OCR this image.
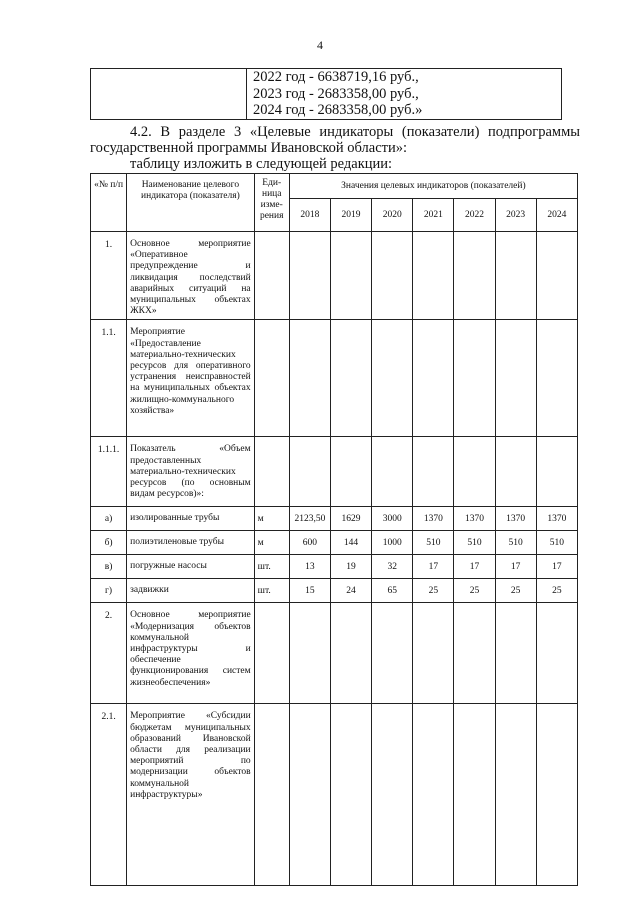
4

2022 год - 6638719,16 руб.,
2023 год - 2683358,00 руб.,
2024 год - 2683358,00 руб.»
4.2. В разделе 3 «Целевые индикаторы (показатели) подпрограммы государственной программы Ивановской области»:
таблицу изложить в следующей редакции:
«№ п/п	Наименование целевого индикатора (показателя)	Еди-ница изме-рения	Значения целевых индикаторов (показателей)						
			2018	2019	2020	2021	2022	2023	2024
1.	Основное мероприятие «Оперативное предупреждение и ликвидация последствий аварийных ситуаций на муниципальных объектах ЖКХ»								
1.1.	Мероприятие «Предоставление материально-технических ресурсов для оперативного устранения неисправностей на муниципальных объектах жилищно-коммунального хозяйства»								
1.1.1.	Показатель «Объем предоставленных материально-технических ресурсов (по основным видам ресурсов)»:								
а)	изолированные трубы	м	2123,50	1629	3000	1370	1370	1370	1370
б)	полиэтиленовые трубы	м	600	144	1000	510	510	510	510
в)	погружные насосы	шт.	13	19	32	17	17	17	17
г)	задвижки	шт.	15	24	65	25	25	25	25
2.	Основное мероприятие «Модернизация объектов коммунальной инфраструктуры и обеспечение функционирования систем жизнеобеспечения»								
2.1.	Мероприятие «Субсидии бюджетам муниципальных образований Ивановской области для реализации мероприятий по модернизации объектов коммунальной инфраструктуры»								
